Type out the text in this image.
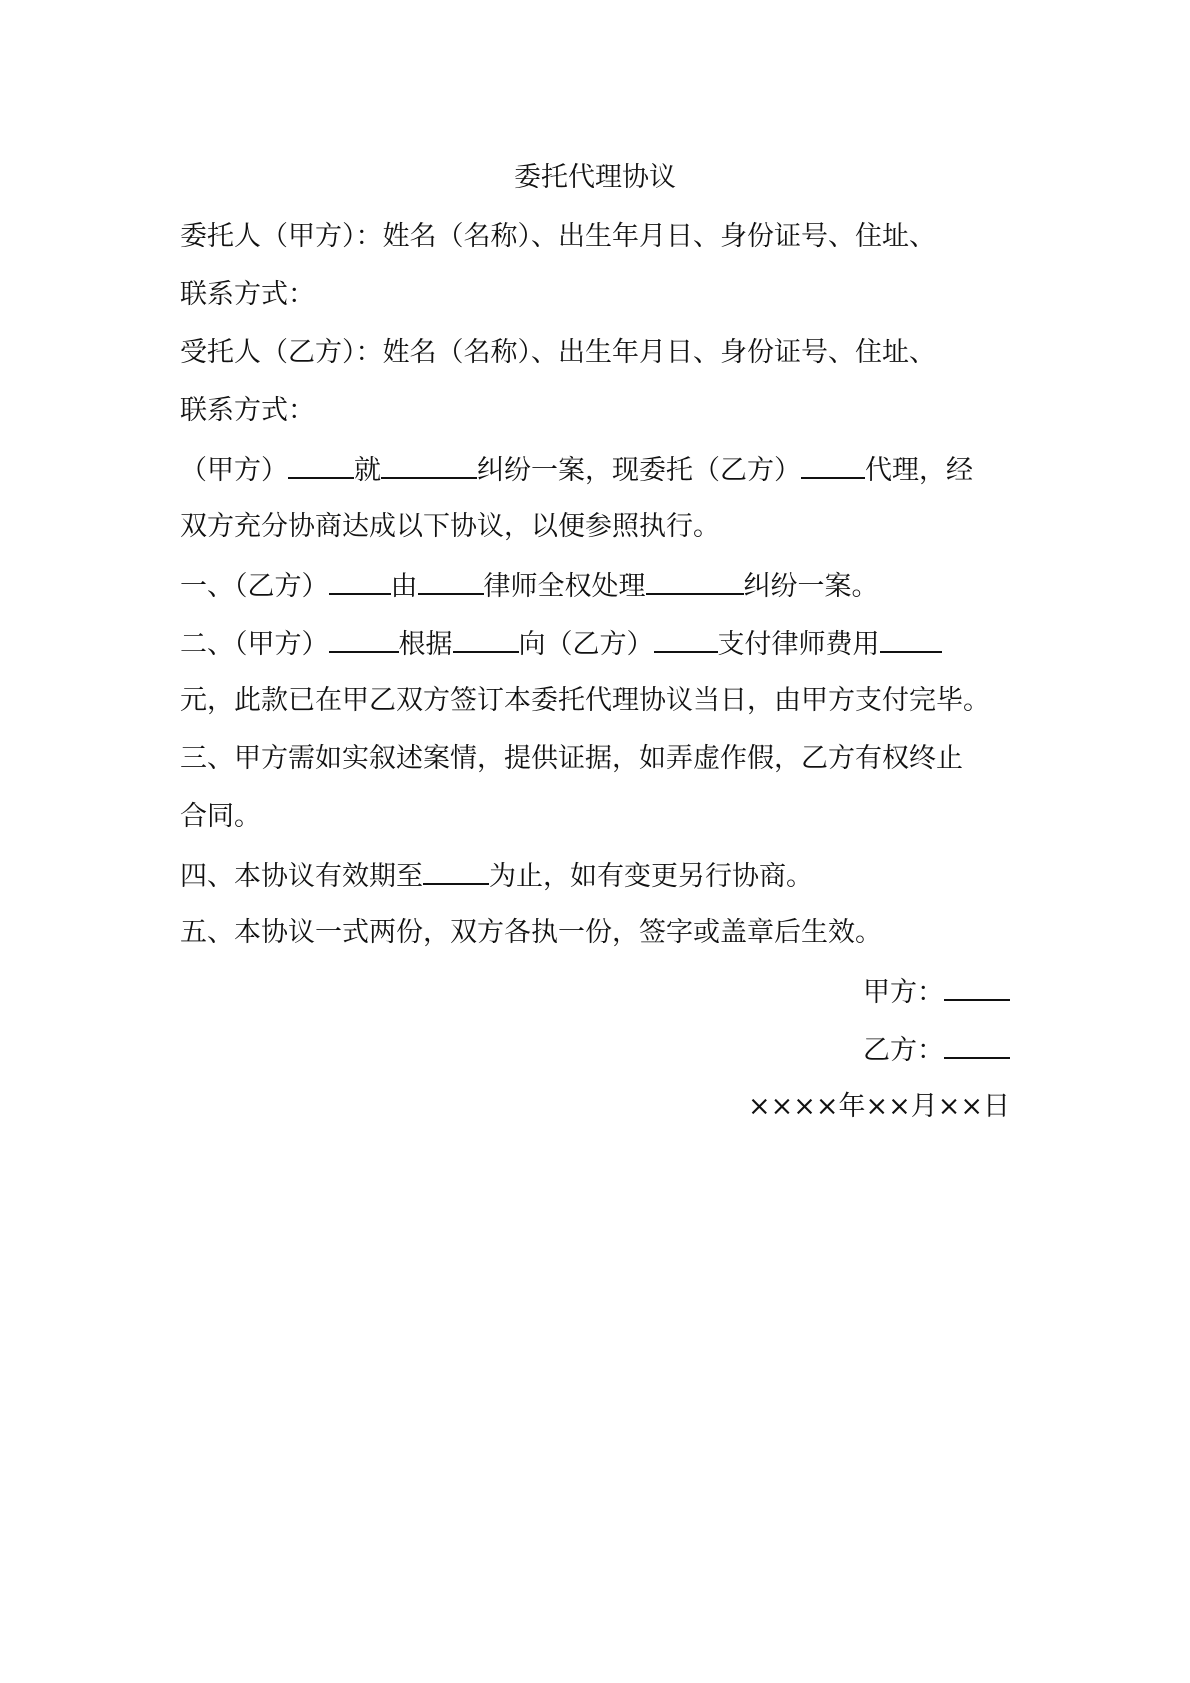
委托代理协议
委托人（甲方）：姓名（名称）、出生年月日、身份证号、住址、
联系方式：
受托人（乙方）：姓名（名称）、出生年月日、身份证号、住址、
联系方式：
（甲方） 就	纠纷一案，现委托（乙方） 代理，经
双方充分协商达成以下协议，以便参照执行。
一、（乙方） 由 律师全权处理	纠纷一案。
二、（甲方）	根据 向（乙方） 支付律师费用
元，此款已在甲乙双方签订本委托代理协议当日，由甲方支付完毕。
三、甲方需如实叙述案情，提供证据，如弄虚作假，乙方有权终止
合同。
四、本协议有效期至 为止，如有变更另行协商。
五、本协议一式两份，双方各执一份，签字或盖章后生效。
甲方：
乙方：
××××年××月××日
